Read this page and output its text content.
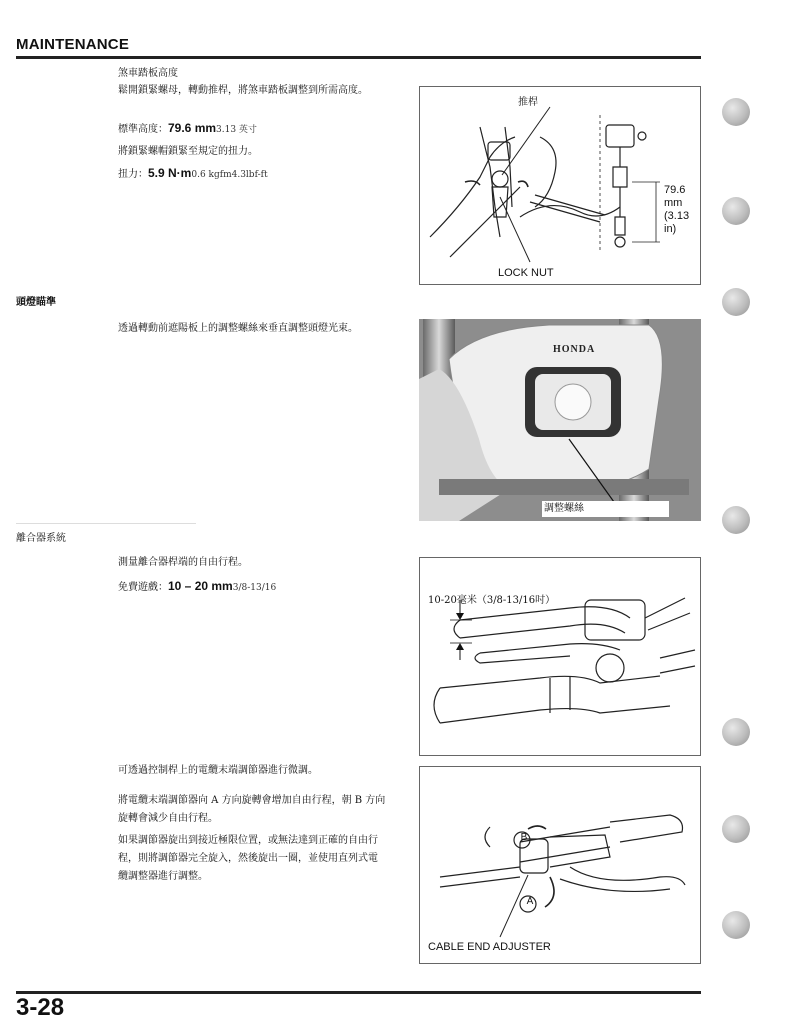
MAINTENANCE
煞車踏板高度
鬆開鎖緊螺母，轉動推桿，將煞車踏板調整到所需高度。
標準高度：79.6 mm3.13 英寸
將鎖緊螺帽鎖緊至規定的扭力。
扭力：5.9 N·m0.6 kgfm4.3lbf-ft
推桿
LOCK NUT
79.6
mm
(3.13
in)
頭燈瞄準
透過轉動前遮陽板上的調整螺絲來垂直調整頭燈光束。
HONDA
調整螺絲
離合器系統
測量離合器桿端的自由行程。
免費遊戲：10 – 20 mm3/8-13/16
10-20毫米（3/8-13/16吋）
可透過控制桿上的電纜末端調節器進行微調。
將電纜末端調節器向 A 方向旋轉會增加自由行程，朝 B 方向
旋轉會減少自由行程。
如果調節器旋出到接近極限位置，或無法達到正確的自由行
程，則將調節器完全旋入，然後旋出一圈，並使用直列式電
纜調整器進行調整。
B
A
CABLE END ADJUSTER
3-28
